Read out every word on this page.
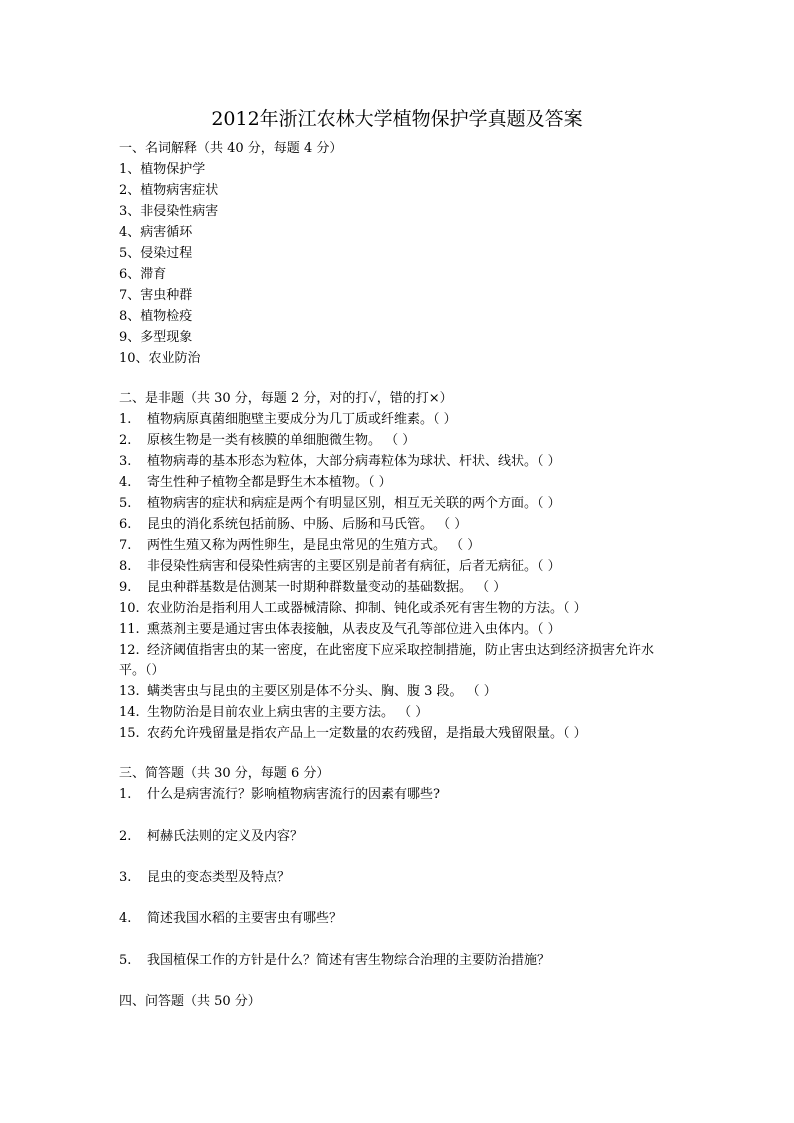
2012年浙江农林大学植物保护学真题及答案
一、名词解释（共 40 分，每题 4 分）
1、植物保护学
2、植物病害症状
3、非侵染性病害
4、病害循环
5、侵染过程
6、滞育
7、害虫种群
8、植物检疫
9、多型现象
10、农业防治
二、是非题（共 30 分，每题 2 分，对的打✓，错的打×）
1. 植物病原真菌细胞壁主要成分为几丁质或纤维素。（ ）
2. 原核生物是一类有核膜的单细胞微生物。 （ ）
3. 植物病毒的基本形态为粒体，大部分病毒粒体为球状、杆状、线状。（ ）
4. 寄生性种子植物全都是野生木本植物。（ ）
5. 植物病害的症状和病症是两个有明显区别，相互无关联的两个方面。（ ）
6. 昆虫的消化系统包括前肠、中肠、后肠和马氏管。 （ ）
7. 两性生殖又称为两性卵生，是昆虫常见的生殖方式。 （ ）
8. 非侵染性病害和侵染性病害的主要区别是前者有病征，后者无病征。（ ）
9. 昆虫种群基数是估测某一时期种群数量变动的基础数据。 （ ）
10. 农业防治是指利用人工或器械清除、抑制、钝化或杀死有害生物的方法。（ ）
11. 熏蒸剂主要是通过害虫体表接触，从表皮及气孔等部位进入虫体内。（ ）
12. 经济阈值指害虫的某一密度，在此密度下应采取控制措施，防止害虫达到经济损害允许水平。（）
13. 螨类害虫与昆虫的主要区别是体不分头、胸、腹 3 段。 （ ）
14. 生物防治是目前农业上病虫害的主要方法。 （ ）
15. 农药允许残留量是指农产品上一定数量的农药残留，是指最大残留限量。（ ）
三、简答题（共 30 分，每题 6 分）
1. 什么是病害流行？影响植物病害流行的因素有哪些?
2. 柯赫氏法则的定义及内容？
3. 昆虫的变态类型及特点？
4. 简述我国水稻的主要害虫有哪些？
5. 我国植保工作的方针是什么？简述有害生物综合治理的主要防治措施？
四、问答题（共 50 分）
